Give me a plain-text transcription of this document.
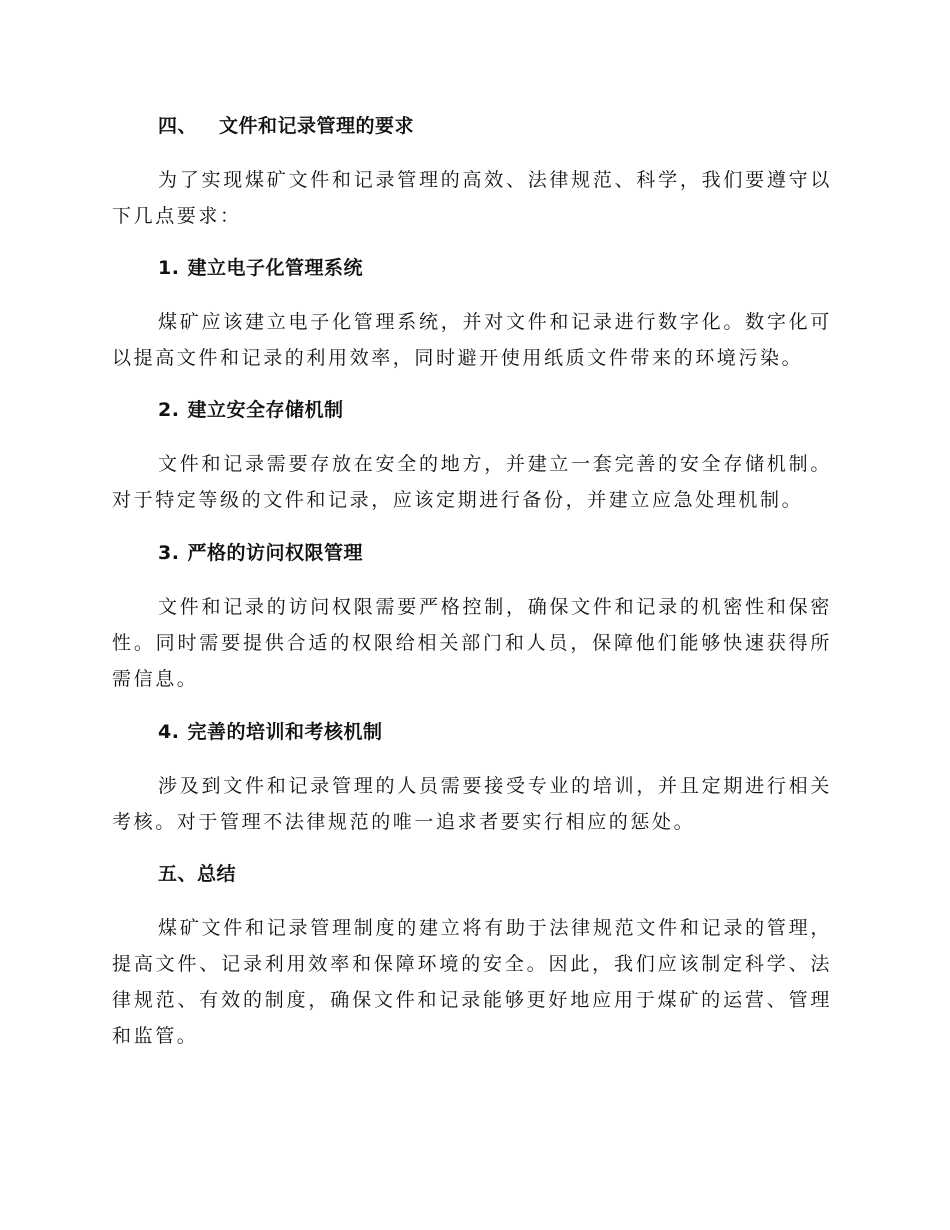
四、 文件和记录管理的要求
为了实现煤矿文件和记录管理的高效、法律规范、科学，我们要遵守以下几点要求：
1. 建立电子化管理系统
煤矿应该建立电子化管理系统，并对文件和记录进行数字化。数字化可以提高文件和记录的利用效率，同时避开使用纸质文件带来的环境污染。
2. 建立安全存储机制
文件和记录需要存放在安全的地方，并建立一套完善的安全存储机制。对于特定等级的文件和记录，应该定期进行备份，并建立应急处理机制。
3. 严格的访问权限管理
文件和记录的访问权限需要严格控制，确保文件和记录的机密性和保密性。同时需要提供合适的权限给相关部门和人员，保障他们能够快速获得所需信息。
4. 完善的培训和考核机制
涉及到文件和记录管理的人员需要接受专业的培训，并且定期进行相关考核。对于管理不法律规范的唯一追求者要实行相应的惩处。
五、总结
煤矿文件和记录管理制度的建立将有助于法律规范文件和记录的管理，提高文件、记录利用效率和保障环境的安全。因此，我们应该制定科学、法律规范、有效的制度，确保文件和记录能够更好地应用于煤矿的运营、管理和监管。
